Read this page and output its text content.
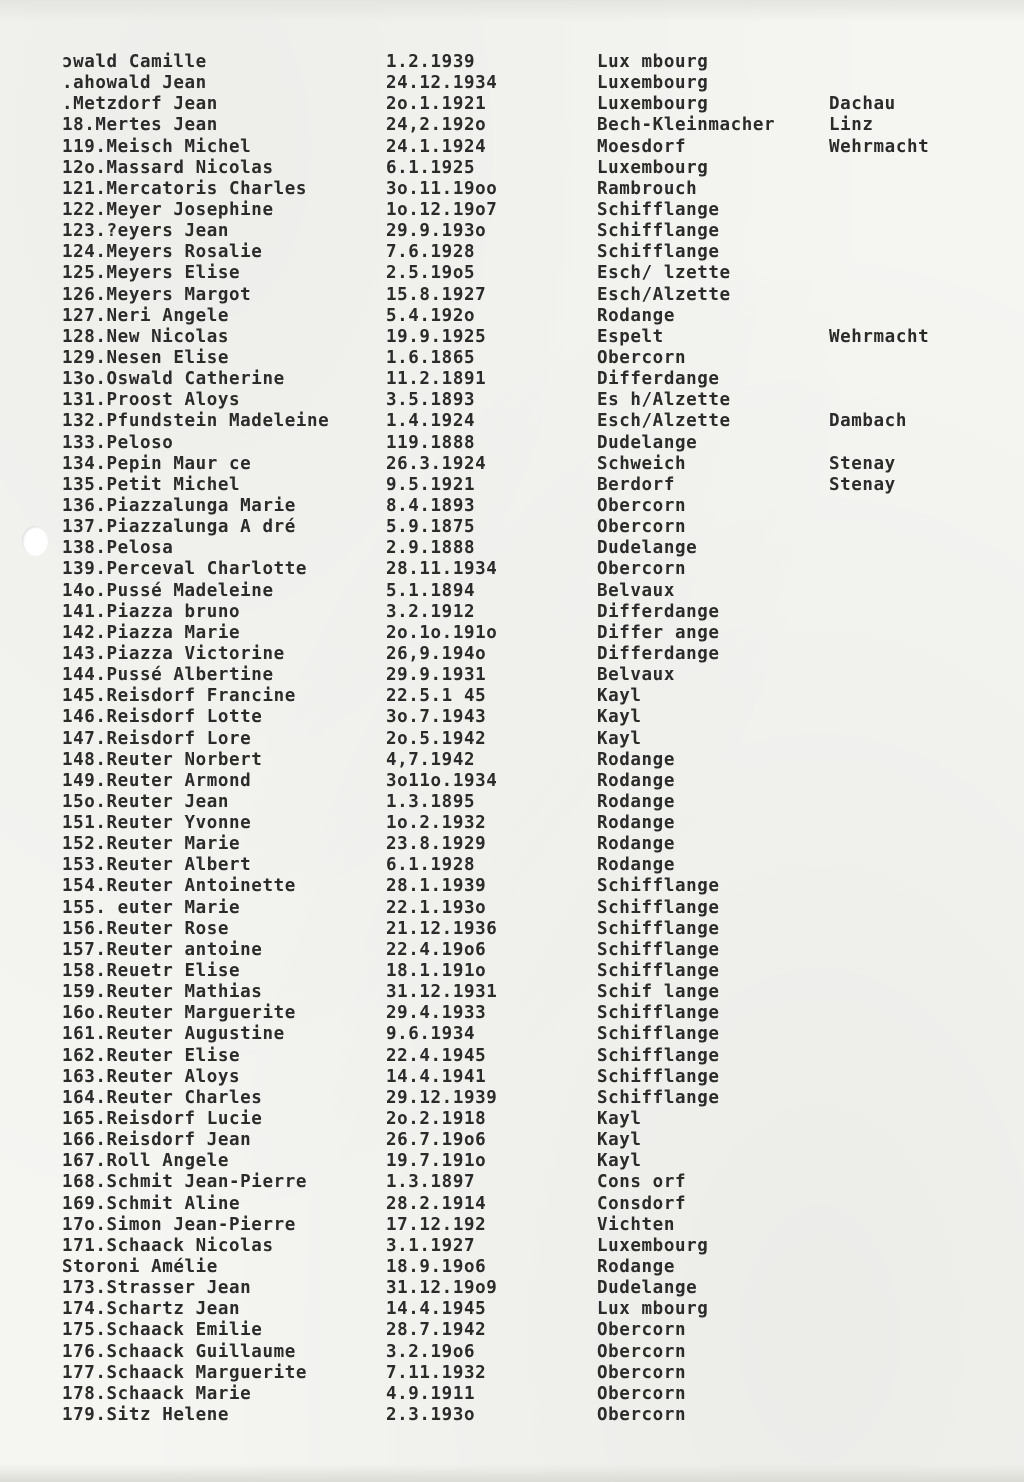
ɔwald Camille	1.2.1939	Lux mbourg
.ahowald Jean	24.12.1934	Luxembourg
.Metzdorf Jean	2o.1.1921	Luxembourg	Dachau
18.Mertes Jean	24,2.192o	Bech-Kleinmacher	Linz
119.Meisch Michel	24.1.1924	Moesdorf	Wehrmacht
12o.Massard Nicolas	6.1.1925	Luxembourg
121.Mercatoris Charles	3o.11.19oo	Rambrouch
122.Meyer Josephine	1o.12.19o7	Schifflange
123.?eyers Jean	29.9.193o	Schifflange
124.Meyers Rosalie	7.6.1928	Schifflange
125.Meyers Elise	2.5.19o5	Esch/ lzette
126.Meyers Margot	15.8.1927	Esch/Alzette
127.Neri Angele	5.4.192o	Rodange
128.New Nicolas	19.9.1925	Espelt	Wehrmacht
129.Nesen Elise	1.6.1865	Obercorn
13o.Oswald Catherine	11.2.1891	Differdange
131.Proost Aloys	3.5.1893	Es h/Alzette
132.Pfundstein Madeleine	1.4.1924	Esch/Alzette	Dambach
133.Peloso	119.1888	Dudelange
134.Pepin Maur ce	26.3.1924	Schweich	Stenay
135.Petit Michel	9.5.1921	Berdorf	Stenay
136.Piazzalunga Marie	8.4.1893	Obercorn
137.Piazzalunga A dré	5.9.1875	Obercorn
138.Pelosa	2.9.1888	Dudelange
139.Perceval Charlotte	28.11.1934	Obercorn
14o.Pussé Madeleine	5.1.1894	Belvaux
141.Piazza bruno	3.2.1912	Differdange
142.Piazza Marie	2o.1o.191o	Differ ange
143.Piazza Victorine	26,9.194o	Differdange
144.Pussé Albertine	29.9.1931	Belvaux
145.Reisdorf Francine	22.5.1 45	Kayl
146.Reisdorf Lotte	3o.7.1943	Kayl
147.Reisdorf Lore	2o.5.1942	Kayl
148.Reuter Norbert	4,7.1942	Rodange
149.Reuter Armond	3o11o.1934	Rodange
15o.Reuter Jean	1.3.1895	Rodange
151.Reuter Yvonne	1o.2.1932	Rodange
152.Reuter Marie	23.8.1929	Rodange
153.Reuter Albert	6.1.1928	Rodange
154.Reuter Antoinette	28.1.1939	Schifflange
155. euter Marie	22.1.193o	Schifflange
156.Reuter Rose	21.12.1936	Schifflange
157.Reuter antoine	22.4.19o6	Schifflange
158.Reuetr Elise	18.1.191o	Schifflange
159.Reuter Mathias	31.12.1931	Schif lange
16o.Reuter Marguerite	29.4.1933	Schifflange
161.Reuter Augustine	9.6.1934	Schifflange
162.Reuter Elise	22.4.1945	Schifflange
163.Reuter Aloys	14.4.1941	Schifflange
164.Reuter Charles	29.12.1939	Schifflange
165.Reisdorf Lucie	2o.2.1918	Kayl
166.Reisdorf Jean	26.7.19o6	Kayl
167.Roll Angele	19.7.191o	Kayl
168.Schmit Jean-Pierre	1.3.1897	Cons orf
169.Schmit Aline	28.2.1914	Consdorf
17o.Simon Jean-Pierre	17.12.192	Vichten
171.Schaack Nicolas	3.1.1927	Luxembourg
Storoni Amélie	18.9.19o6	Rodange
173.Strasser Jean	31.12.19o9	Dudelange
174.Schartz Jean	14.4.1945	Lux mbourg
175.Schaack Emilie	28.7.1942	Obercorn
176.Schaack Guillaume	3.2.19o6	Obercorn
177.Schaack Marguerite	7.11.1932	Obercorn
178.Schaack Marie	4.9.1911	Obercorn
179.Sitz Helene	2.3.193o	Obercorn
